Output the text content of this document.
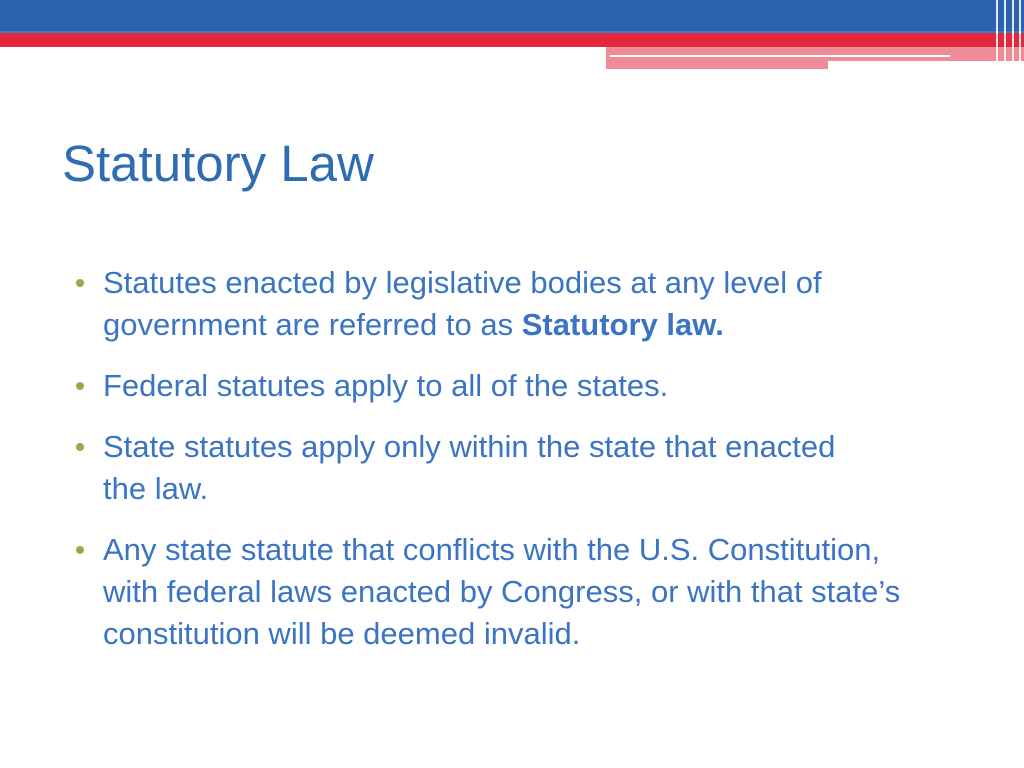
Statutory Law
Statutes enacted by legislative bodies at any level of government are referred to as Statutory law.
Federal statutes apply to all of the states.
State statutes apply only within the state that enacted the law.
Any state statute that conflicts with the U.S. Constitution, with federal laws enacted by Congress, or with that state’s constitution will be deemed invalid.
